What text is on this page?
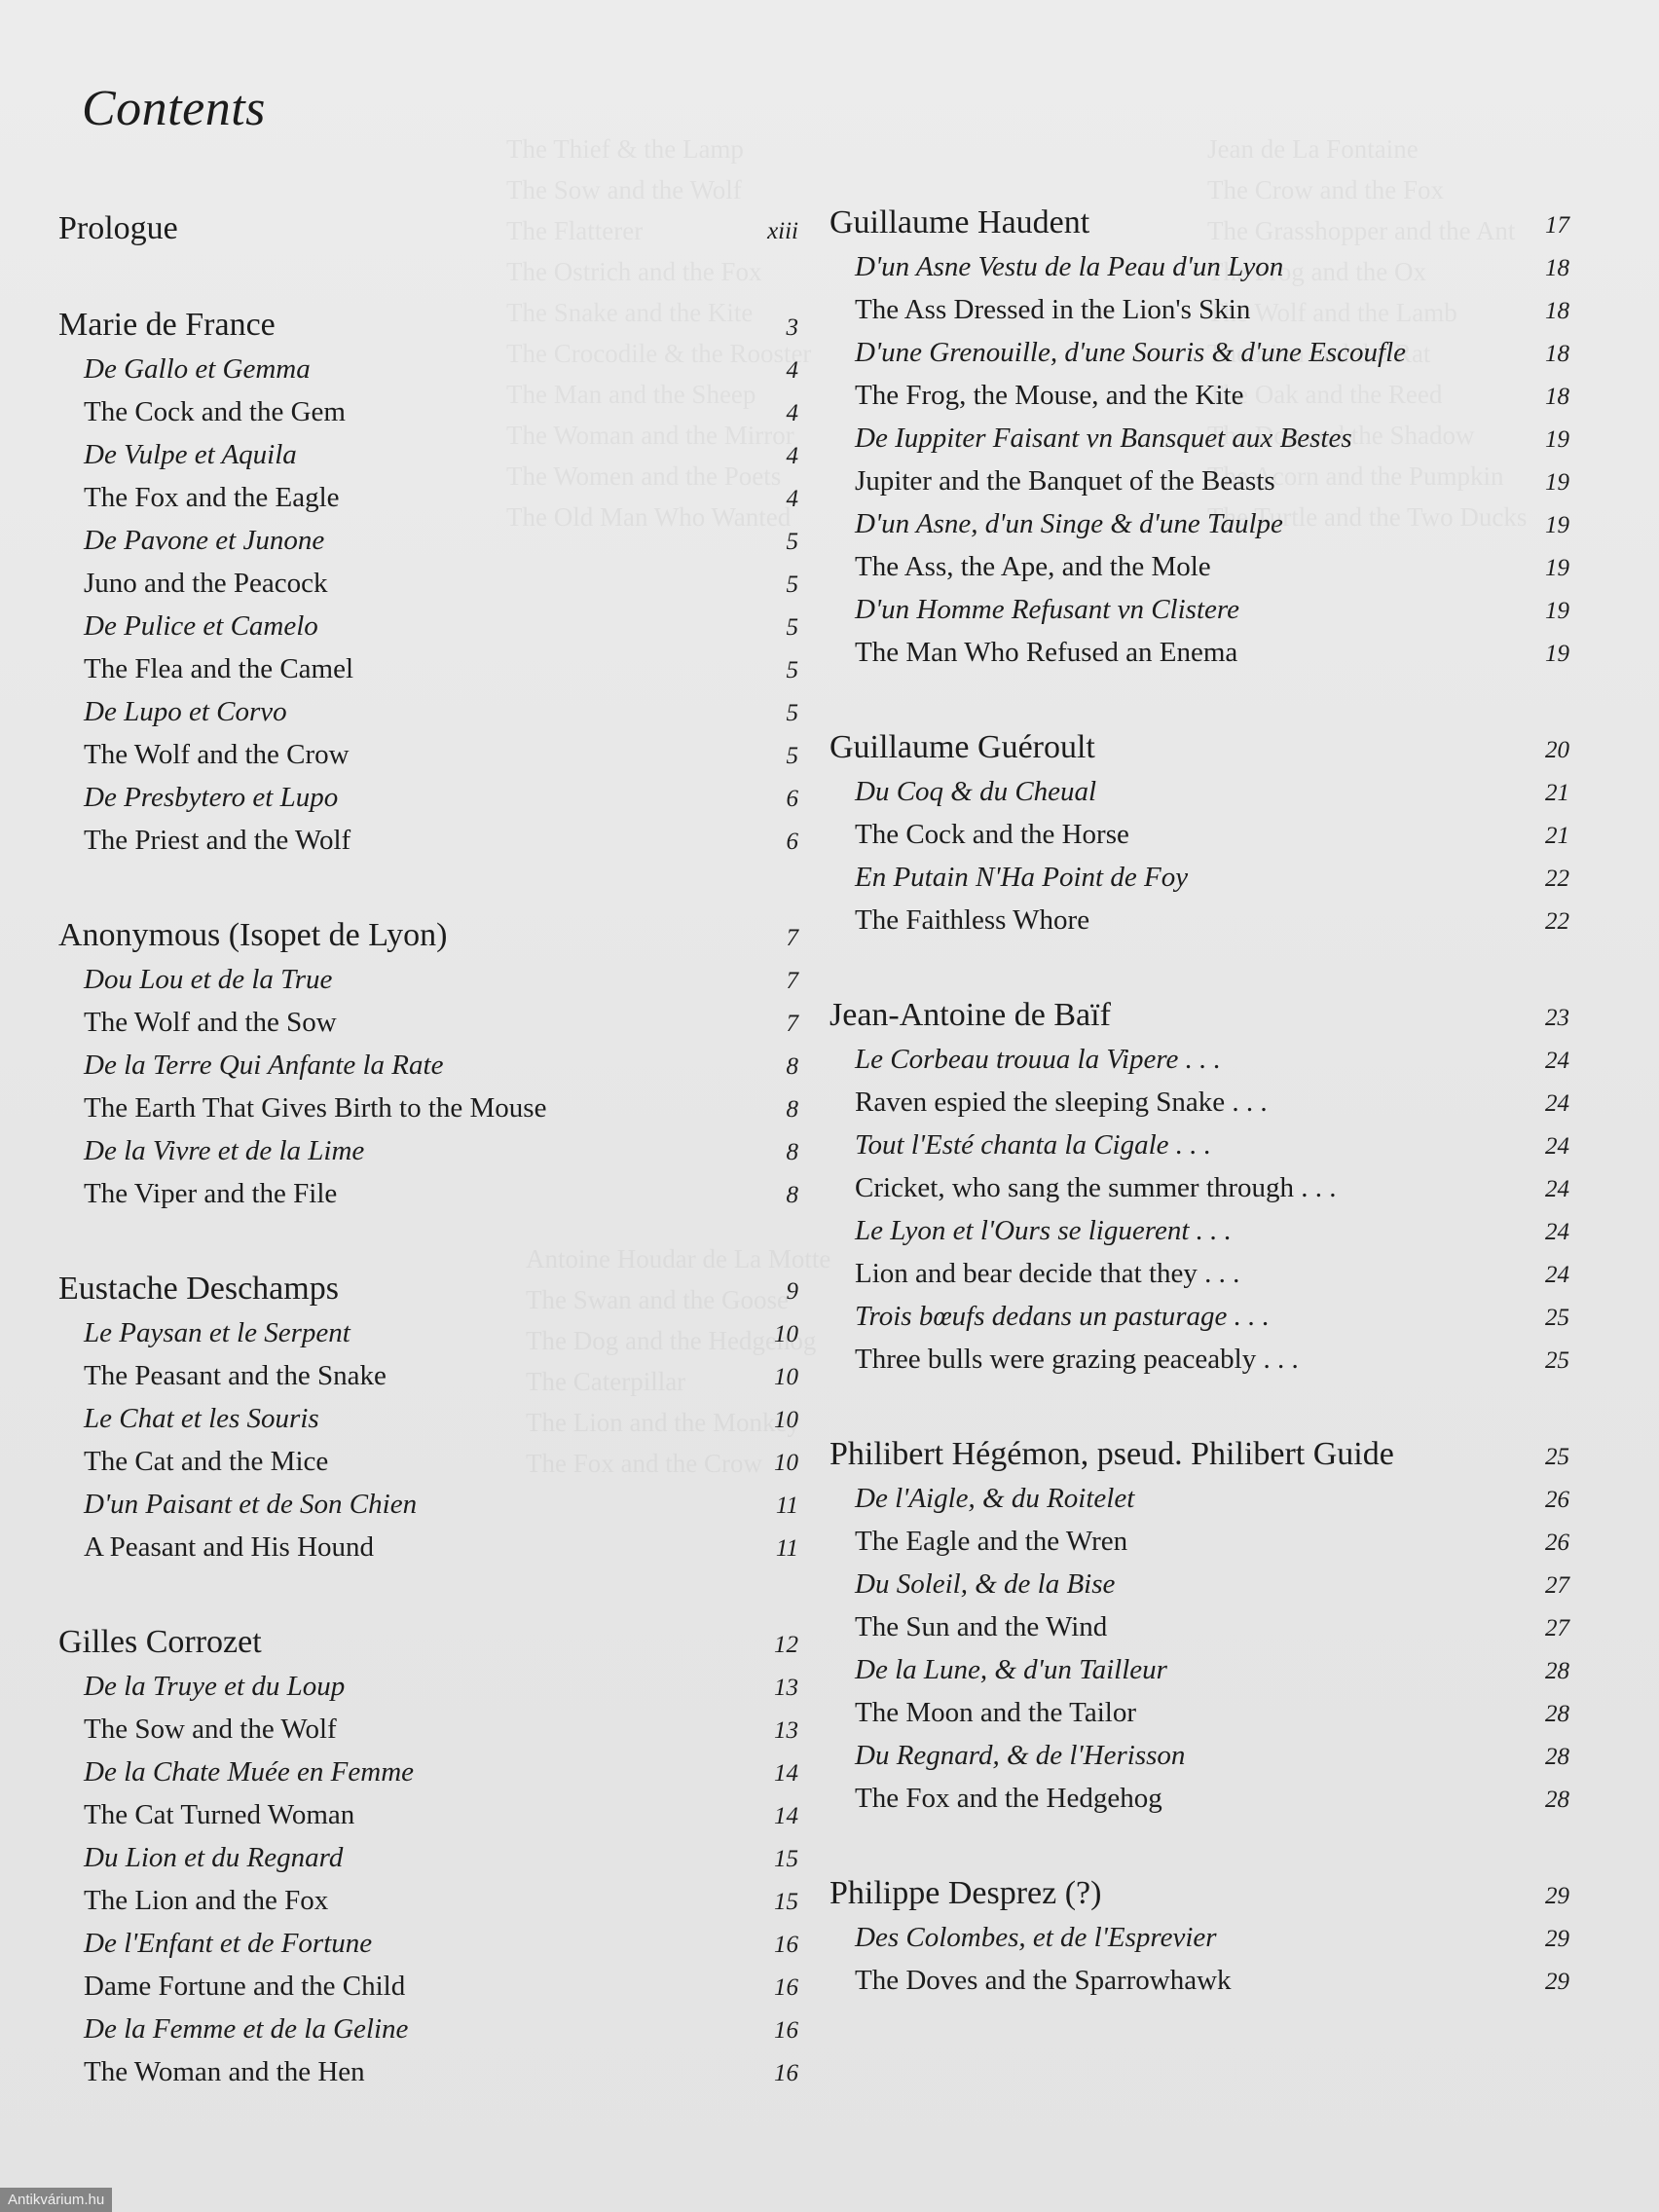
Contents
Prologue	xiii
Marie de France	3
De Gallo et Gemma	4
The Cock and the Gem	4
De Vulpe et Aquila	4
The Fox and the Eagle	4
De Pavone et Junone	5
Juno and the Peacock	5
De Pulice et Camelo	5
The Flea and the Camel	5
De Lupo et Corvo	5
The Wolf and the Crow	5
De Presbytero et Lupo	6
The Priest and the Wolf	6
Anonymous (Isopet de Lyon)	7
Dou Lou et de la True	7
The Wolf and the Sow	7
De la Terre Qui Anfante la Rate	8
The Earth That Gives Birth to the Mouse	8
De la Vivre et de la Lime	8
The Viper and the File	8
Eustache Deschamps	9
Le Paysan et le Serpent	10
The Peasant and the Snake	10
Le Chat et les Souris	10
The Cat and the Mice	10
D'un Paisant et de Son Chien	11
A Peasant and His Hound	11
Gilles Corrozet	12
De la Truye et du Loup	13
The Sow and the Wolf	13
De la Chate Muée en Femme	14
The Cat Turned Woman	14
Du Lion et du Regnard	15
The Lion and the Fox	15
De l'Enfant et de Fortune	16
Dame Fortune and the Child	16
De la Femme et de la Geline	16
The Woman and the Hen	16
Guillaume Haudent	17
D'un Asne Vestu de la Peau d'un Lyon	18
The Ass Dressed in the Lion's Skin	18
D'une Grenouille, d'une Souris & d'une Escoufle	18
The Frog, the Mouse, and the Kite	18
De Iuppiter Faisant vn Bansquet aux Bestes	19
Jupiter and the Banquet of the Beasts	19
D'un Asne, d'un Singe & d'une Taulpe	19
The Ass, the Ape, and the Mole	19
D'un Homme Refusant vn Clistere	19
The Man Who Refused an Enema	19
Guillaume Guéroult	20
Du Coq & du Cheual	21
The Cock and the Horse	21
En Putain N'Ha Point de Foy	22
The Faithless Whore	22
Jean-Antoine de Baïf	23
Le Corbeau trouua la Vipere . . .	24
Raven espied the sleeping Snake . . .	24
Tout l'Esté chanta la Cigale . . .	24
Cricket, who sang the summer through . . .	24
Le Lyon et l'Ours se liguerent . . .	24
Lion and bear decide that they . . .	24
Trois bœufs dedans un pasturage . . .	25
Three bulls were grazing peaceably . . .	25
Philibert Hégémon, pseud. Philibert Guide	25
De l'Aigle, & du Roitelet	26
The Eagle and the Wren	26
Du Soleil, & de la Bise	27
The Sun and the Wind	27
De la Lune, & d'un Tailleur	28
The Moon and the Tailor	28
Du Regnard, & de l'Herisson	28
The Fox and the Hedgehog	28
Philippe Desprez (?)	29
Des Colombes, et de l'Esprevier	29
The Doves and the Sparrowhawk	29
Antikvárium.hu
